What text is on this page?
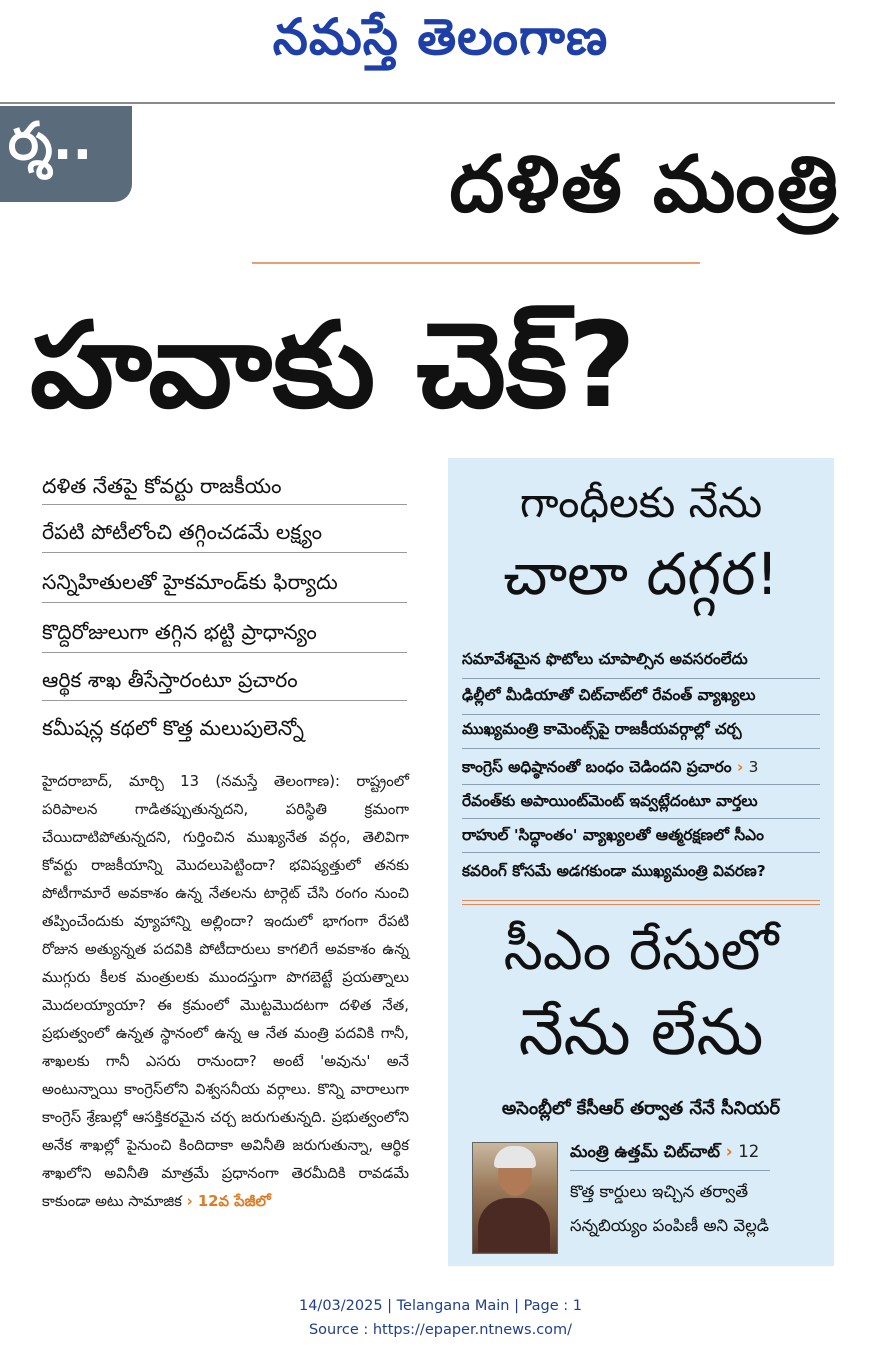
నమస్తే తెలంగాణ
ర్శ..	దళిత మంత్రి
హవాకు చెక్?
దళిత నేతపై కోవర్టు రాజకీయం
రేపటి పోటీలోంచి తగ్గించడమే లక్ష్యం
సన్నిహితులతో హైకమాండ్‌కు ఫిర్యాదు
కొద్దిరోజులుగా తగ్గిన భట్టి ప్రాధాన్యం
ఆర్థిక శాఖ తీసేస్తారంటూ ప్రచారం
కమీషన్ల కథలో కొత్త మలుపులెన్నో
హైదరాబాద్, మార్చి 13 (నమస్తే తెలంగాణ): రాష్ట్రంలో పరిపాలన గాడితప్పుతున్నదని, పరిస్థితి క్రమంగా చేయిదాటిపోతున్నదని, గుర్తించిన ముఖ్యనేత వర్గం, తెలివిగా కోవర్టు రాజకీయాన్ని మొదలుపెట్టిందా? భవిష్యత్తులో తనకు పోటీగామారే అవకాశం ఉన్న నేతలను టార్గెట్ చేసి రంగం నుంచి తప్పించేందుకు వ్యూహాన్ని అల్లిందా? ఇందులో భాగంగా రేపటి రోజున అత్యున్నత పదవికి పోటీదారులు కాగలిగే అవకాశం ఉన్న ముగ్గురు కీలక మంత్రులకు ముందస్తుగా పొగబెట్టే ప్రయత్నాలు మొదలయ్యాయా? ఈ క్రమంలో మొట్టమొదటగా దళిత నేత, ప్రభుత్వంలో ఉన్నత స్థానంలో ఉన్న ఆ నేత మంత్రి పదవికి గానీ, శాఖలకు గానీ ఎసరు రానుందా? అంటే 'అవును' అనే అంటున్నాయి కాంగ్రెస్‌లోని విశ్వసనీయ వర్గాలు. కొన్ని వారాలుగా కాంగ్రెస్ శ్రేణుల్లో ఆసక్తికరమైన చర్చ జరుగుతున్నది. ప్రభుత్వంలోని అనేక శాఖల్లో పైనుంచి కిందిదాకా అవినీతి జరుగుతున్నా, ఆర్థిక శాఖలోని అవినీతి మాత్రమే ప్రధానంగా తెరమీదికి రావడమే కాకుండా అటు సామాజిక › 12వ పేజీలో
గాంధీలకు నేను
చాలా దగ్గర!
సమావేశమైన ఫొటోలు చూపాల్సిన అవసరంలేదు
ఢిల్లీలో మీడియాతో చిట్‌చాట్‌లో రేవంత్ వ్యాఖ్యలు
ముఖ్యమంత్రి కామెంట్స్‌పై రాజకీయవర్గాల్లో చర్చ
కాంగ్రెస్ అధిష్ఠానంతో బంధం చెడిందని ప్రచారం › 3
రేవంత్‌కు అపాయింట్‌మెంట్ ఇవ్వట్లేదంటూ వార్తలు
రాహుల్ 'సిద్ధాంతం' వ్యాఖ్యలతో ఆత్మరక్షణలో సీఎం
కవరింగ్ కోసమే అడగకుండా ముఖ్యమంత్రి వివరణ?
సీఎం రేసులో
నేను లేను
అసెంబ్లీలో కేసీఆర్ తర్వాత నేనే సీనియర్
మంత్రి ఉత్తమ్ చిట్‌చాట్ › 12
కొత్త కార్డులు ఇచ్చిన తర్వాతే
సన్నబియ్యం పంపిణీ అని వెల్లడి
14/03/2025 | Telangana Main | Page : 1
Source : https://epaper.ntnews.com/
